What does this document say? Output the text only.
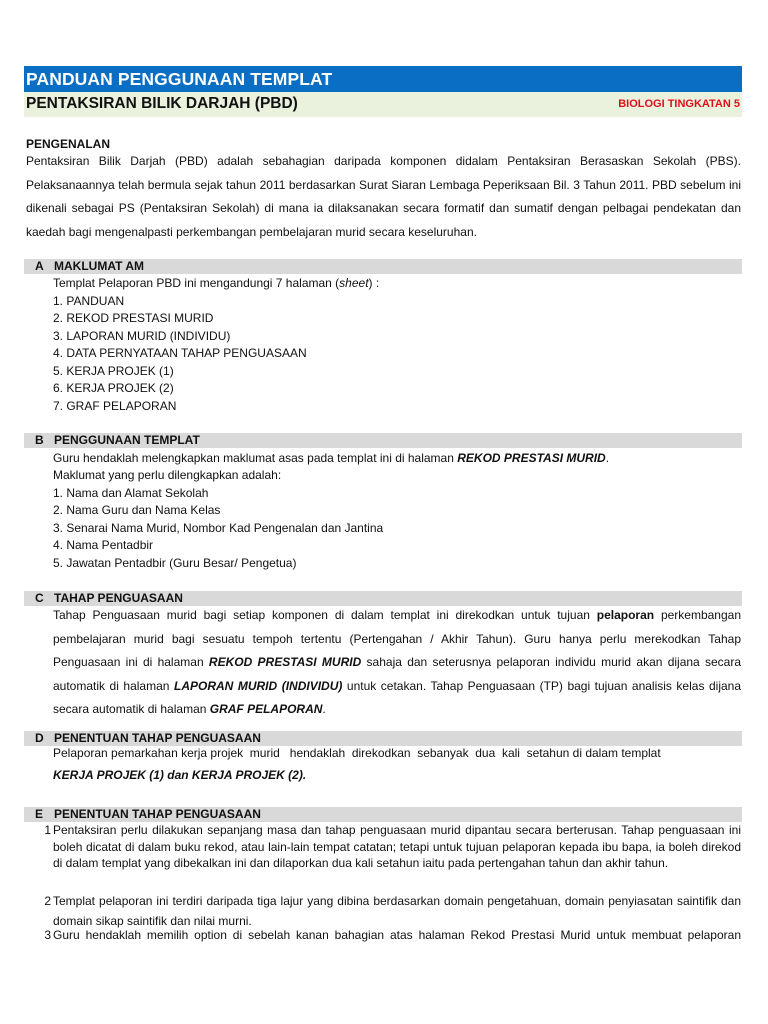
PANDUAN PENGGUNAAN TEMPLAT
PENTAKSIRAN BILIK DARJAH (PBD)	BIOLOGI TINGKATAN 5
PENGENALAN
Pentaksiran Bilik Darjah (PBD) adalah sebahagian daripada komponen didalam Pentaksiran Berasaskan Sekolah (PBS). Pelaksanaannya telah bermula sejak tahun 2011 berdasarkan Surat Siaran Lembaga Peperiksaan Bil. 3 Tahun 2011. PBD sebelum ini dikenali sebagai PS (Pentaksiran Sekolah) di mana ia dilaksanakan secara formatif dan sumatif dengan pelbagai pendekatan dan kaedah bagi mengenalpasti perkembangan pembelajaran murid secara keseluruhan.
A MAKLUMAT AM
Templat Pelaporan PBD ini mengandungi 7 halaman (sheet) :
1. PANDUAN
2. REKOD PRESTASI MURID
3. LAPORAN MURID (INDIVIDU)
4. DATA PERNYATAAN TAHAP PENGUASAAN
5. KERJA PROJEK (1)
6. KERJA PROJEK (2)
7. GRAF PELAPORAN
B PENGGUNAAN TEMPLAT
Guru hendaklah melengkapkan maklumat asas pada templat ini di halaman REKOD PRESTASI MURID.
Maklumat yang perlu dilengkapkan adalah:
1. Nama dan Alamat Sekolah
2. Nama Guru dan Nama Kelas
3. Senarai Nama Murid, Nombor Kad Pengenalan dan Jantina
4. Nama Pentadbir
5. Jawatan Pentadbir (Guru Besar/ Pengetua)
C TAHAP PENGUASAAN
Tahap Penguasaan murid bagi setiap komponen di dalam templat ini direkodkan untuk tujuan pelaporan perkembangan pembelajaran murid bagi sesuatu tempoh tertentu (Pertengahan / Akhir Tahun). Guru hanya perlu merekodkan Tahap Penguasaan ini di halaman REKOD PRESTASI MURID sahaja dan seterusnya pelaporan individu murid akan dijana secara automatik di halaman LAPORAN MURID (INDIVIDU) untuk cetakan. Tahap Penguasaan (TP) bagi tujuan analisis kelas dijana secara automatik di halaman GRAF PELAPORAN.
D PENENTUAN TAHAP PENGUASAAN
Pelaporan pemarkahan kerja projek  murid   hendaklah  direkodkan  sebanyak  dua  kali  setahun di dalam templat
KERJA PROJEK (1) dan KERJA PROJEK (2).
E PENENTUAN TAHAP PENGUASAAN
1 Pentaksiran perlu dilakukan sepanjang masa dan tahap penguasaan murid dipantau secara berterusan. Tahap penguasaan ini boleh dicatat di dalam buku rekod, atau lain-lain tempat catatan; tetapi untuk tujuan pelaporan kepada ibu bapa, ia boleh direkod di dalam templat yang dibekalkan ini dan dilaporkan dua kali setahun iaitu pada pertengahan tahun dan akhir tahun.
2 Templat pelaporan ini terdiri daripada tiga lajur yang dibina berdasarkan domain pengetahuan, domain penyiasatan saintifik dan domain sikap saintifik dan nilai murni.
3 Guru hendaklah memilih option di sebelah kanan bahagian atas halaman Rekod Prestasi Murid untuk membuat pelaporan
